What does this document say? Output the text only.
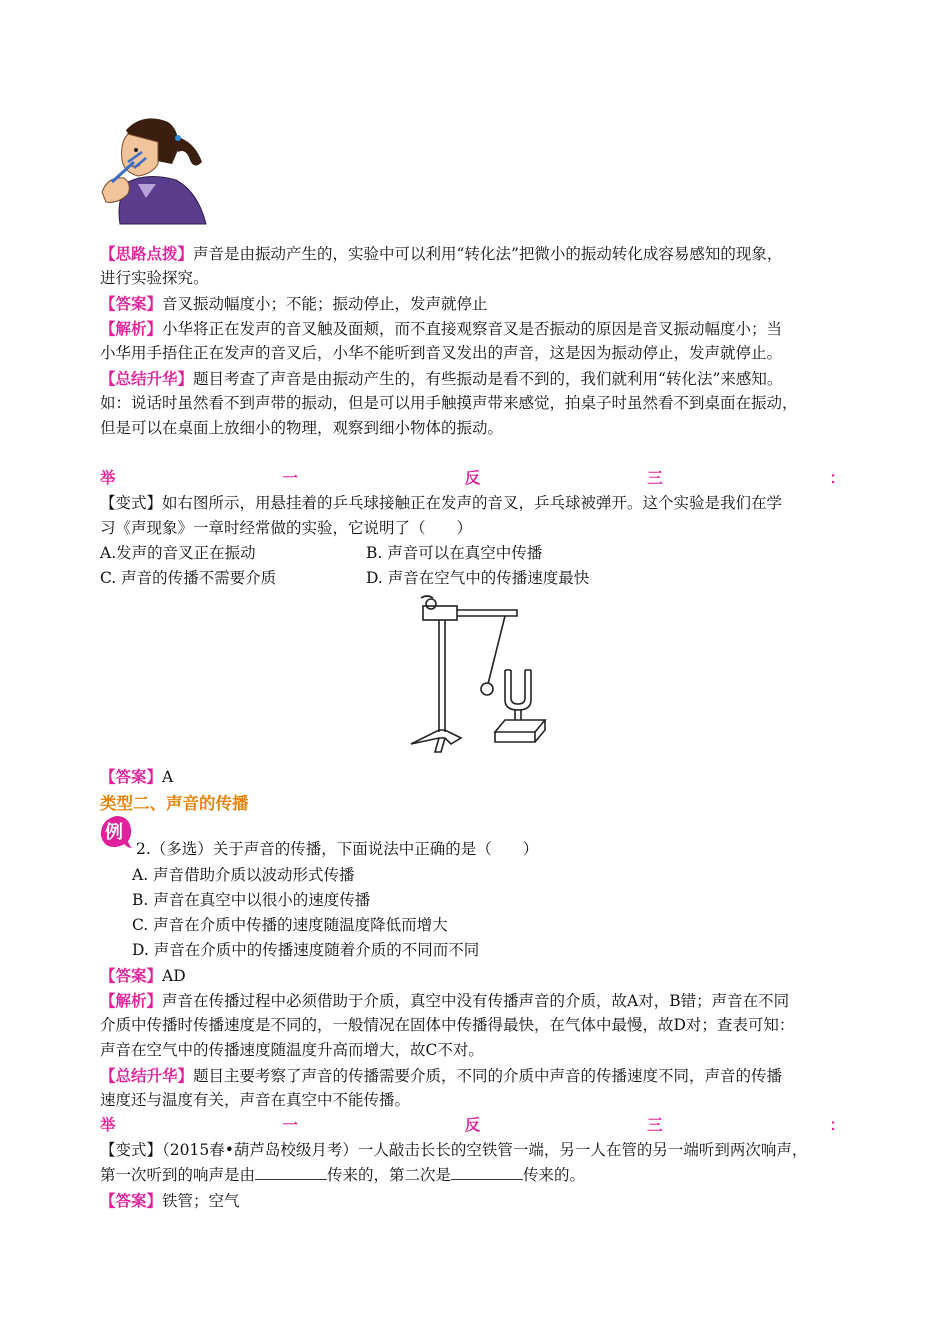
【思路点拨】声音是由振动产生的，实验中可以利用“转化法”把微小的振动转化成容易感知的现象，
进行实验探究。
【答案】音叉振动幅度小；不能；振动停止，发声就停止
【解析】小华将正在发声的音叉触及面颊，而不直接观察音叉是否振动的原因是音叉振动幅度小；当
小华用手捂住正在发声的音叉后，小华不能听到音叉发出的声音，这是因为振动停止，发声就停止。
【总结升华】题目考查了声音是由振动产生的，有些振动是看不到的，我们就利用“转化法”来感知。
如：说话时虽然看不到声带的振动，但是可以用手触摸声带来感觉，拍桌子时虽然看不到桌面在振动，
但是可以在桌面上放细小的物理，观察到细小物体的振动。
举	一	反	三	：
【变式】如右图所示，用悬挂着的乒乓球接触正在发声的音叉，乒乓球被弹开。这个实验是我们在学
习《声现象》一章时经常做的实验，它说明了（　　）
A.发声的音叉正在振动	B. 声音可以在真空中传播
C. 声音的传播不需要介质	D. 声音在空气中的传播速度最快
【答案】A
类型二、声音的传播
例
2.（多选）关于声音的传播，下面说法中正确的是（　　）
A. 声音借助介质以波动形式传播
B. 声音在真空中以很小的速度传播
C. 声音在介质中传播的速度随温度降低而增大
D. 声音在介质中的传播速度随着介质的不同而不同
【答案】AD
【解析】声音在传播过程中必须借助于介质，真空中没有传播声音的介质，故A对，B错；声音在不同
介质中传播时传播速度是不同的，一般情况在固体中传播得最快，在气体中最慢，故D对；查表可知：
声音在空气中的传播速度随温度升高而增大，故C不对。
【总结升华】题目主要考察了声音的传播需要介质，不同的介质中声音的传播速度不同，声音的传播
速度还与温度有关，声音在真空中不能传播。
举	一	反	三	：
【变式】（2015春•葫芦岛校级月考）一人敲击长长的空铁管一端，另一人在管的另一端听到两次响声，
第一次听到的响声是由	传来的，第二次是	传来的。
【答案】铁管；空气
